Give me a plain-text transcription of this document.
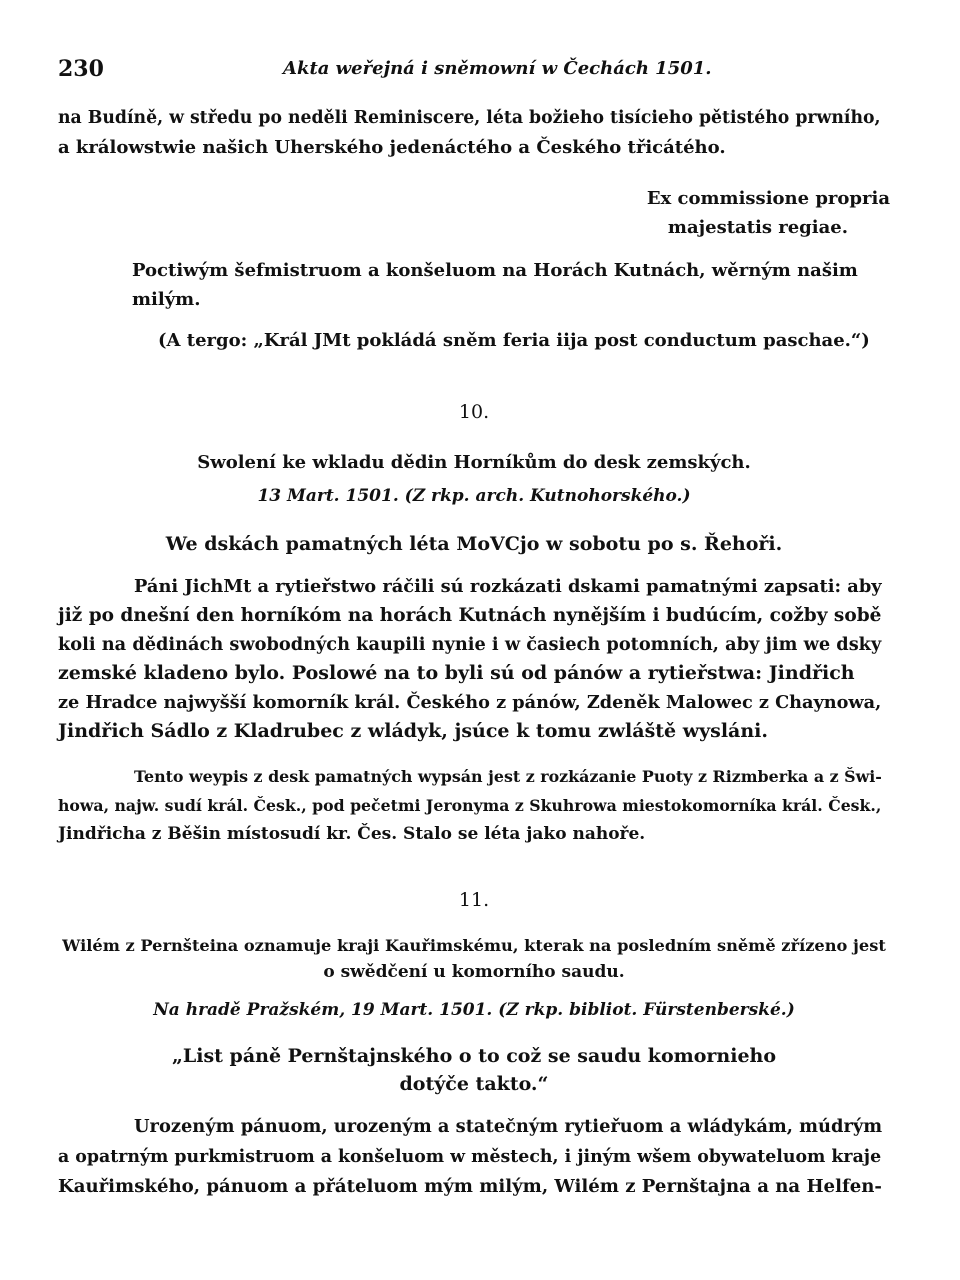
230	Akta weřejná i sněmowní w Čechách 1501.
na Budíně, w středu po neděli Reminiscere, léta božieho tisícieho pětistého prwního,
a králowstwie našich Uherského jedenáctého a Českého třicátého.
Ex commissione propria
majestatis regiae.
Poctiwým šefmistruom a konšeluom na Horách Kutnách, wěrným našim milým.
(A tergo: „Král JMt pokládá sněm feria iija post conductum paschae.“)
10.
Swolení ke wkladu dědin Horníkům do desk zemských.
13 Mart. 1501. (Z rkp. arch. Kutnohorského.)
We dskách pamatných léta MoVCjo w sobotu po s. Řehoři.
Páni JichMt a rytieřstwo ráčili sú rozkázati dskami pamatnými zapsati: aby
již po dnešní den horníkóm na horách Kutnách nynějším i budúcím, cožby sobě
koli na dědinách swobodných kaupili nynie i w časiech potomních, aby jim we dsky
zemské kladeno bylo. Poslowé na to byli sú od pánów a rytieřstwa: Jindřich
ze Hradce najwyšší komorník král. Českého z pánów, Zdeněk Malowec z Chaynowa,
Jindřich Sádlo z Kladrubec z wládyk, jsúce k tomu zwláště wysláni.
Tento weypis z desk pamatných wypsán jest z rozkázanie Puoty z Rizmberka a z Šwi-
howa, najw. sudí král. Česk., pod pečetmi Jeronyma z Skuhrowa miestokomorníka král. Česk.,
Jindřicha z Běšin místosudí kr. Čes. Stalo se léta jako nahoře.
11.
Wilém z Pernšteina oznamuje kraji Kauřimskému, kterak na posledním sněmě zřízeno jest
o swědčení u komorního saudu.
Na hradě Pražském, 19 Mart. 1501. (Z rkp. bibliot. Fürstenberské.)
„List páně Pernštajnského o to což se saudu komornieho
dotýče takto.“
Urozeným pánuom, urozeným a statečným rytieřuom a wládykám, múdrým
a opatrným purkmistruom a konšeluom w městech, i jiným wšem obywateluom kraje
Kauřimského, pánuom a přáteluom mým milým, Wilém z Pernštajna a na Helfen-
